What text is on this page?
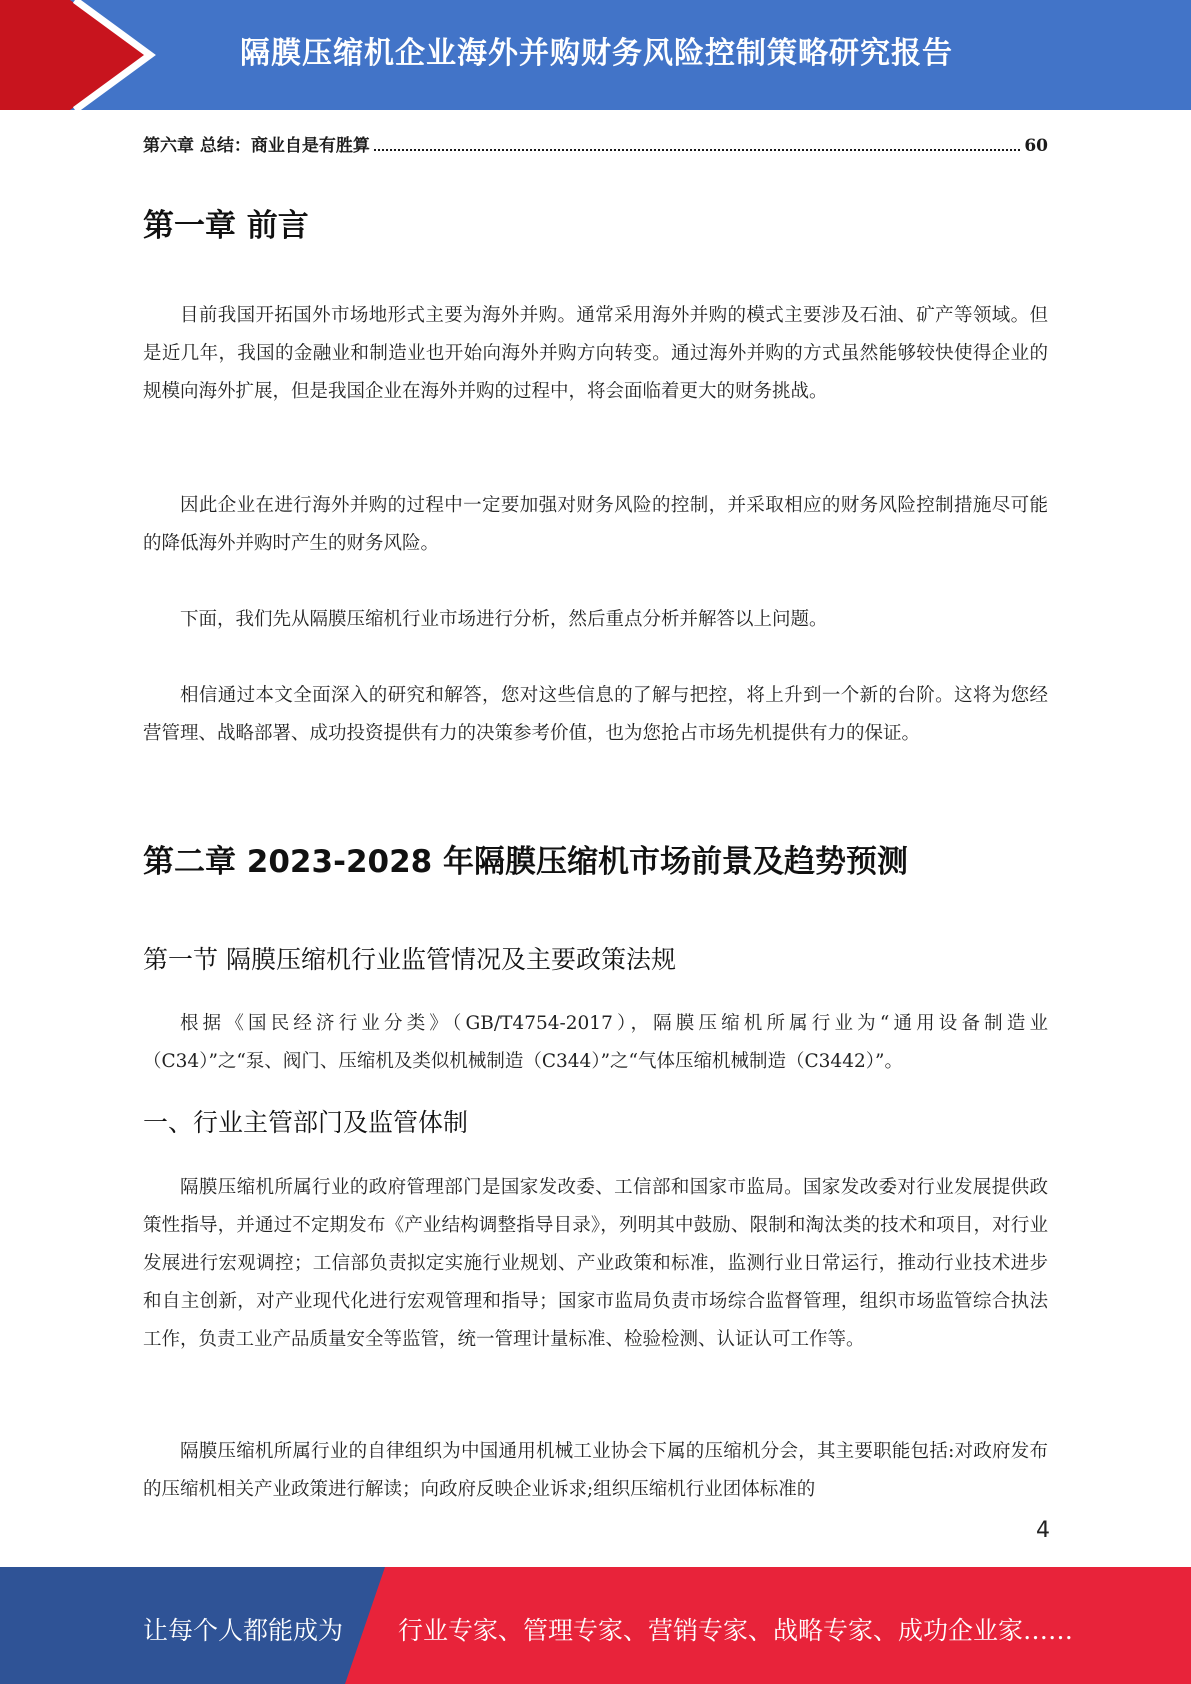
隔膜压缩机企业海外并购财务风险控制策略研究报告
第六章 总结：商业自是有胜算	60
第一章 前言

目前我国开拓国外市场地形式主要为海外并购。通常采用海外并购的模式主要涉及石油、矿产等领域。但是近几年，我国的金融业和制造业也开始向海外并购方向转变。通过海外并购的方式虽然能够较快使得企业的规模向海外扩展，但是我国企业在海外并购的过程中，将会面临着更大的财务挑战。

因此企业在进行海外并购的过程中一定要加强对财务风险的控制，并采取相应的财务风险控制措施尽可能的降低海外并购时产生的财务风险。

下面，我们先从隔膜压缩机行业市场进行分析，然后重点分析并解答以上问题。

相信通过本文全面深入的研究和解答，您对这些信息的了解与把控，将上升到一个新的台阶。这将为您经营管理、战略部署、成功投资提供有力的决策参考价值，也为您抢占市场先机提供有力的保证。

第二章 2023-2028 年隔膜压缩机市场前景及趋势预测
第一节 隔膜压缩机行业监管情况及主要政策法规

根据《国民经济行业分类》（GB/T4754-2017），隔膜压缩机所属行业为“通用设备制造业（C34）”之“泵、阀门、压缩机及类似机械制造（C344）”之“气体压缩机械制造（C3442）”。

一、行业主管部门及监管体制

隔膜压缩机所属行业的政府管理部门是国家发改委、工信部和国家市监局。国家发改委对行业发展提供政策性指导，并通过不定期发布《产业结构调整指导目录》，列明其中鼓励、限制和淘汰类的技术和项目，对行业发展进行宏观调控；工信部负责拟定实施行业规划、产业政策和标准，监测行业日常运行，推动行业技术进步和自主创新，对产业现代化进行宏观管理和指导；国家市监局负责市场综合监督管理，组织市场监管综合执法工作，负责工业产品质量安全等监管，统一管理计量标准、检验检测、认证认可工作等。

隔膜压缩机所属行业的自律组织为中国通用机械工业协会下属的压缩机分会，其主要职能包括:对政府发布的压缩机相关产业政策进行解读；向政府反映企业诉求;组织压缩机行业团体标准的

4
让每个人都能成为 行业专家、管理专家、营销专家、战略专家、成功企业家……
